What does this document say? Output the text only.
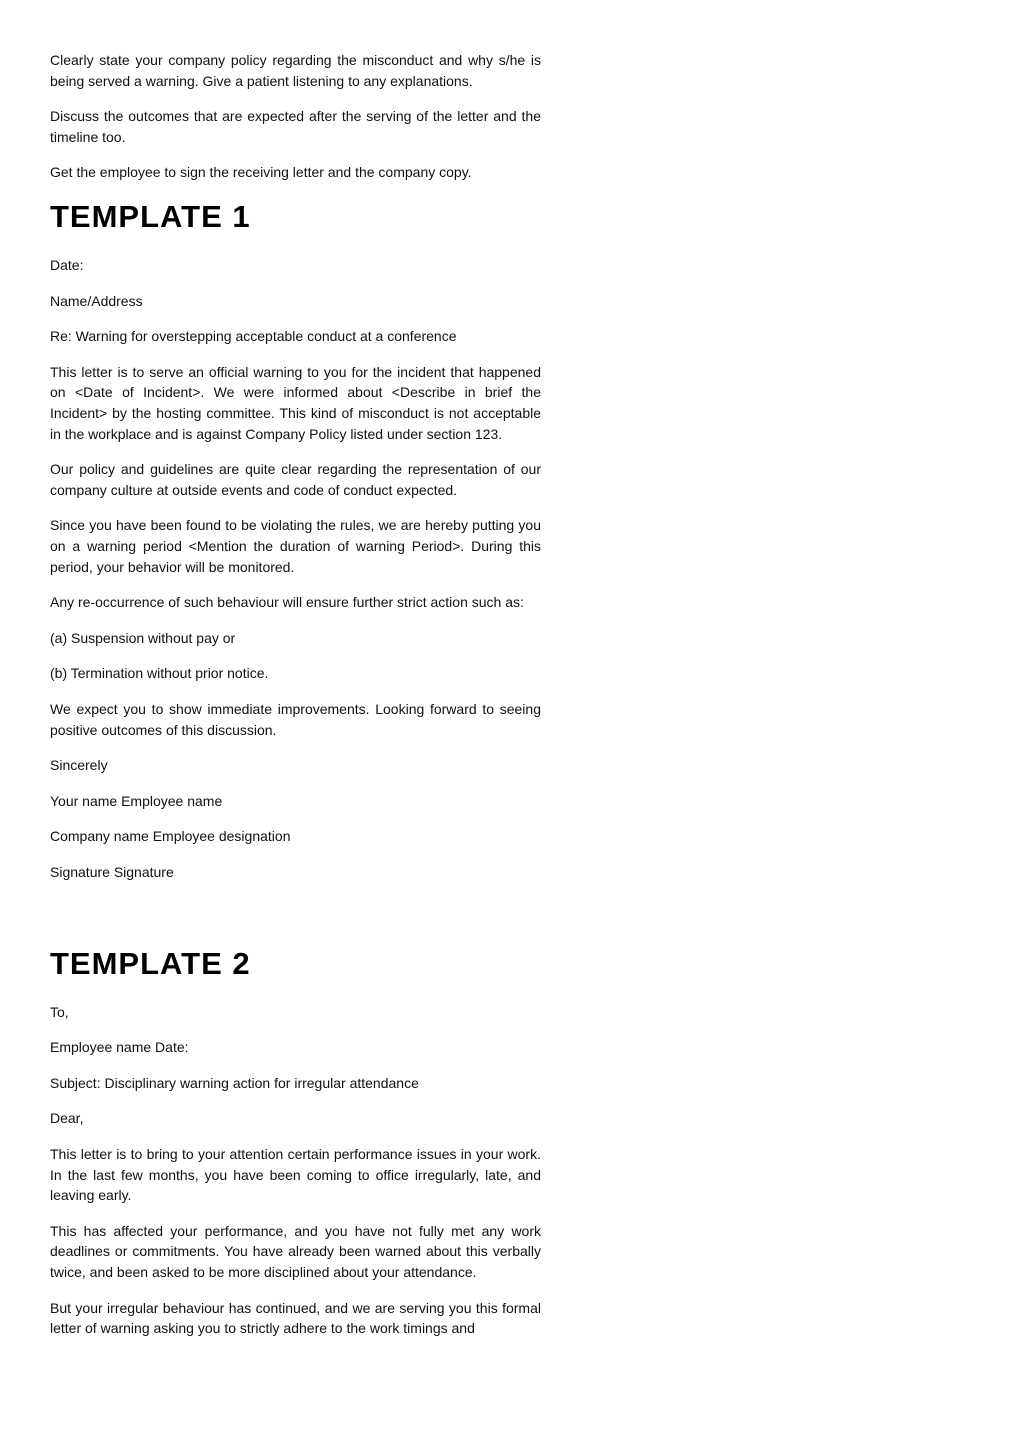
Clearly state your company policy regarding the misconduct and why s/he is being served a warning. Give a patient listening to any explanations.

Discuss the outcomes that are expected after the serving of the letter and the timeline too.

Get the employee to sign the receiving letter and the company copy.

TEMPLATE 1

Date:

Name/Address

Re: Warning for overstepping acceptable conduct at a conference

This letter is to serve an official warning to you for the incident that happened on <Date of Incident>. We were informed about <Describe in brief the Incident> by the hosting committee. This kind of misconduct is not acceptable in the workplace and is against Company Policy listed under section 123.

Our policy and guidelines are quite clear regarding the representation of our company culture at outside events and code of conduct expected.

Since you have been found to be violating the rules, we are hereby putting you on a warning period <Mention the duration of warning Period>. During this period, your behavior will be monitored.

Any re-occurrence of such behaviour will ensure further strict action such as:

(a) Suspension without pay or

(b) Termination without prior notice.

We expect you to show immediate improvements. Looking forward to seeing positive outcomes of this discussion.

Sincerely

Your name Employee name

Company name Employee designation

Signature Signature

TEMPLATE 2

To,

Employee name Date:

Subject: Disciplinary warning action for irregular attendance

Dear,

This letter is to bring to your attention certain performance issues in your work. In the last few months, you have been coming to office irregularly, late, and leaving early.

This has affected your performance, and you have not fully met any work deadlines or commitments. You have already been warned about this verbally twice, and been asked to be more disciplined about your attendance.

But your irregular behaviour has continued, and we are serving you this formal letter of warning asking you to strictly adhere to the work timings and
